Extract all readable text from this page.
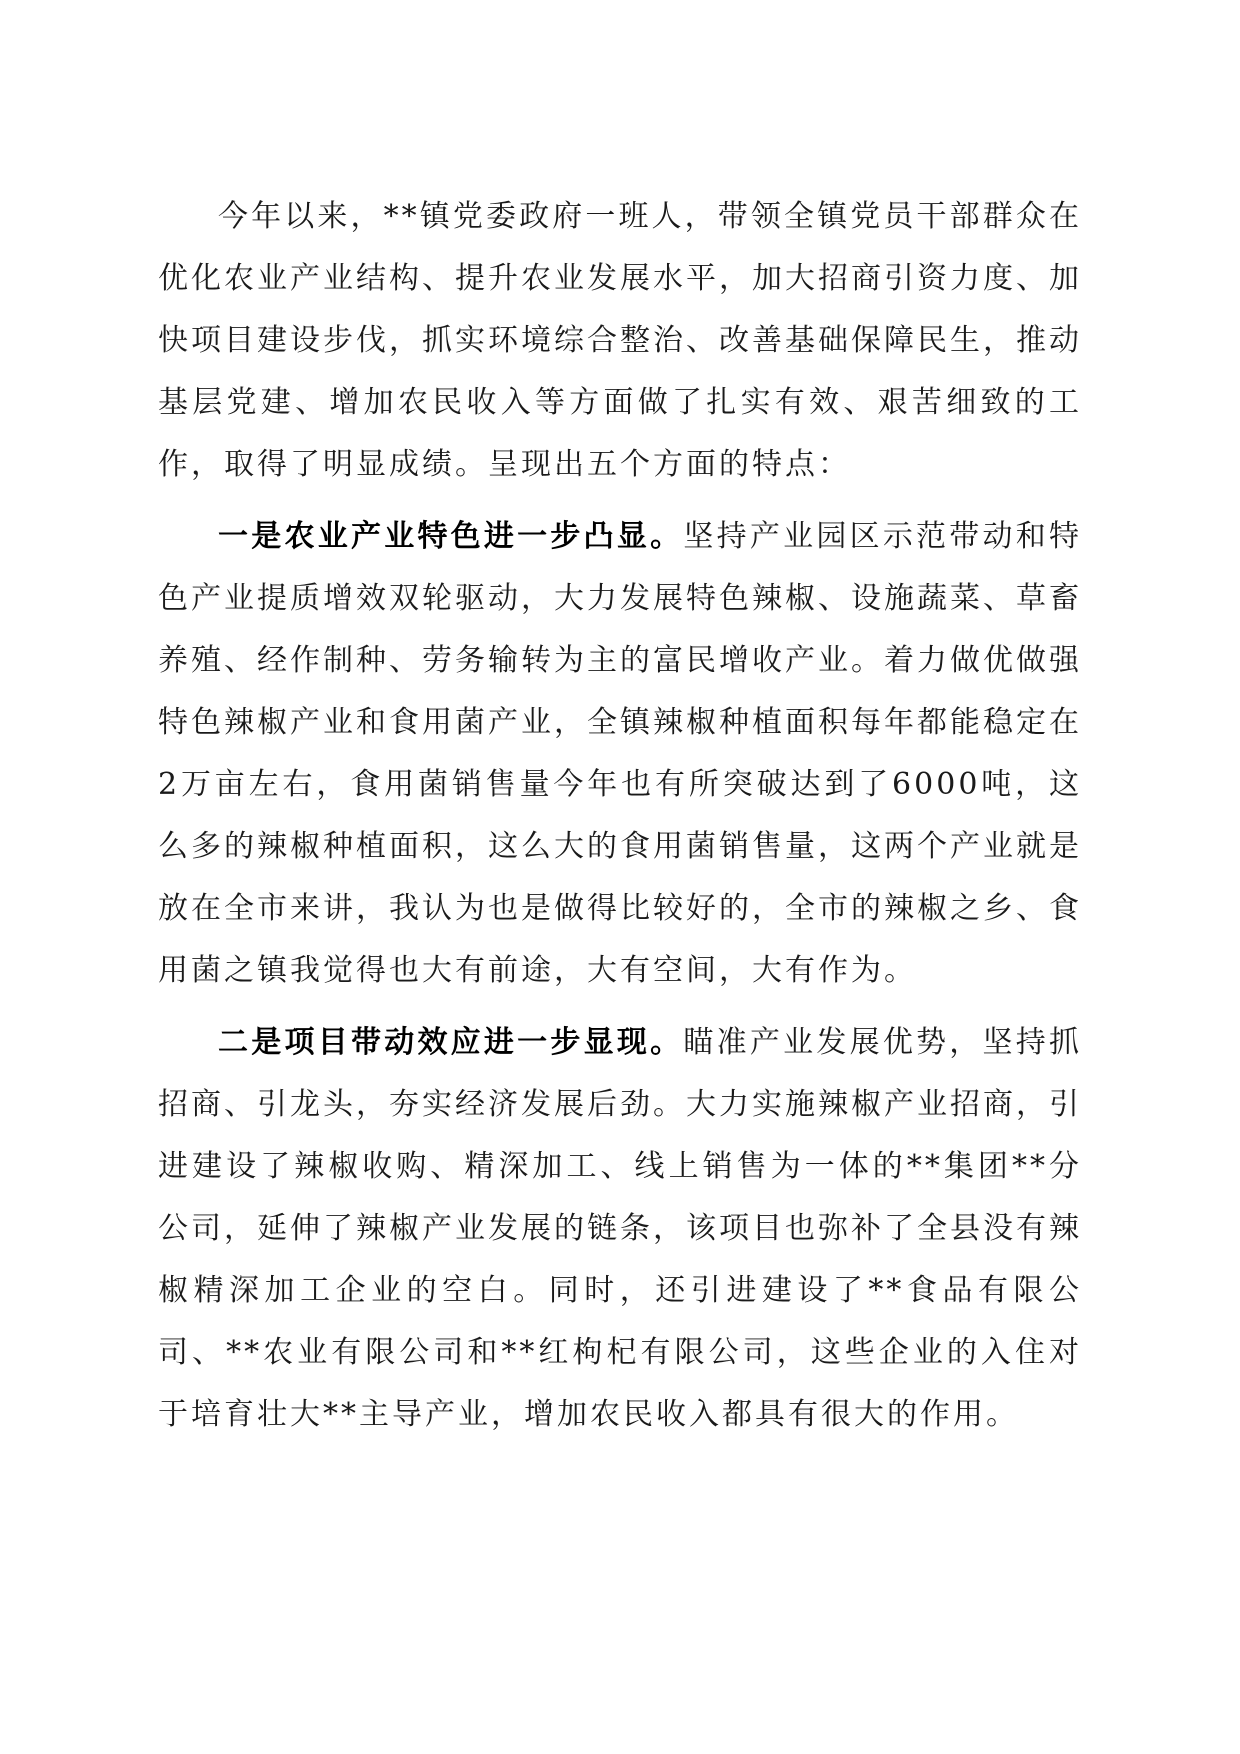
今年以来，**镇党委政府一班人，带领全镇党员干部群众在优化农业产业结构、提升农业发展水平，加大招商引资力度、加快项目建设步伐，抓实环境综合整治、改善基础保障民生，推动基层党建、增加农民收入等方面做了扎实有效、艰苦细致的工作，取得了明显成绩。呈现出五个方面的特点：

一是农业产业特色进一步凸显。坚持产业园区示范带动和特色产业提质增效双轮驱动，大力发展特色辣椒、设施蔬菜、草畜养殖、经作制种、劳务输转为主的富民增收产业。着力做优做强特色辣椒产业和食用菌产业，全镇辣椒种植面积每年都能稳定在2万亩左右，食用菌销售量今年也有所突破达到了6000吨，这么多的辣椒种植面积，这么大的食用菌销售量，这两个产业就是放在全市来讲，我认为也是做得比较好的，全市的辣椒之乡、食用菌之镇我觉得也大有前途，大有空间，大有作为。

二是项目带动效应进一步显现。瞄准产业发展优势，坚持抓招商、引龙头，夯实经济发展后劲。大力实施辣椒产业招商，引进建设了辣椒收购、精深加工、线上销售为一体的**集团**分公司，延伸了辣椒产业发展的链条，该项目也弥补了全县没有辣椒精深加工企业的空白。同时，还引进建设了**食品有限公司、**农业有限公司和**红枸杞有限公司，这些企业的入住对于培育壮大**主导产业，增加农民收入都具有很大的作用。
